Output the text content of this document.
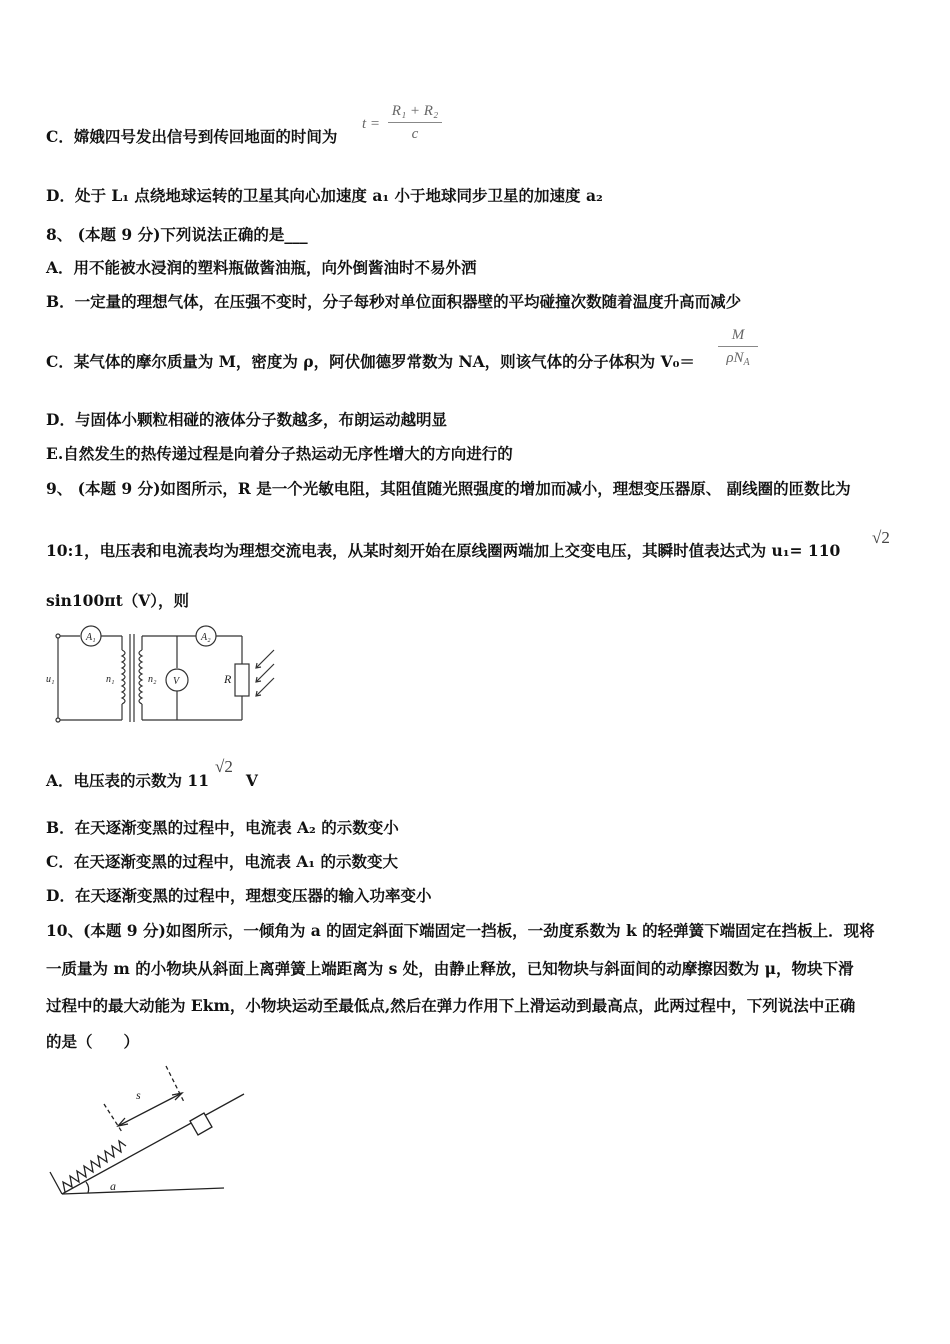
C．嫦娥四号发出信号到传回地面的时间为
t =
R₁ + R₂
c
D．处于 L₁ 点绕地球运转的卫星其向心加速度 a₁ 小于地球同步卫星的加速度 a₂
8、 (本题 9 分)下列说法正确的是___
A．用不能被水浸润的塑料瓶做酱油瓶，向外倒酱油时不易外洒
B．一定量的理想气体，在压强不变时，分子每秒对单位面积器壁的平均碰撞次数随着温度升高而减少
C．某气体的摩尔质量为 M，密度为 ρ，阿伏伽德罗常数为 NA，则该气体的分子体积为 V₀＝
M
$\rho N_A$
D．与固体小颗粒相碰的液体分子数越多，布朗运动越明显
E.自然发生的热传递过程是向着分子热运动无序性增大的方向进行的
9、 (本题 9 分)如图所示，R 是一个光敏电阻，其阻值随光照强度的增加而减小，理想变压器原、 副线圈的匝数比为
10:1，电压表和电流表均为理想交流电表，从某时刻开始在原线圈两端加上交变电压，其瞬时值表达式为 u₁= 110
√2
sin100πt（V），则
A₁	A₂
u₁	n₁	n₂ V	R
A．电压表的示数为 11 V
√2
B．在天逐渐变黑的过程中，电流表 A₂ 的示数变小
C．在天逐渐变黑的过程中，电流表 A₁ 的示数变大
D．在天逐渐变黑的过程中，理想变压器的输入功率变小
10、(本题 9 分)如图所示，一倾角为 a 的固定斜面下端固定一挡板，一劲度系数为 k 的轻弹簧下端固定在挡板上．现将
一质量为 m 的小物块从斜面上离弹簧上端距离为 s 处，由静止释放，已知物块与斜面间的动摩擦因数为 μ，物块下滑
过程中的最大动能为 Ekm，小物块运动至最低点,然后在弹力作用下上滑运动到最高点，此两过程中，下列说法中正确
的是（　　）
s
a
